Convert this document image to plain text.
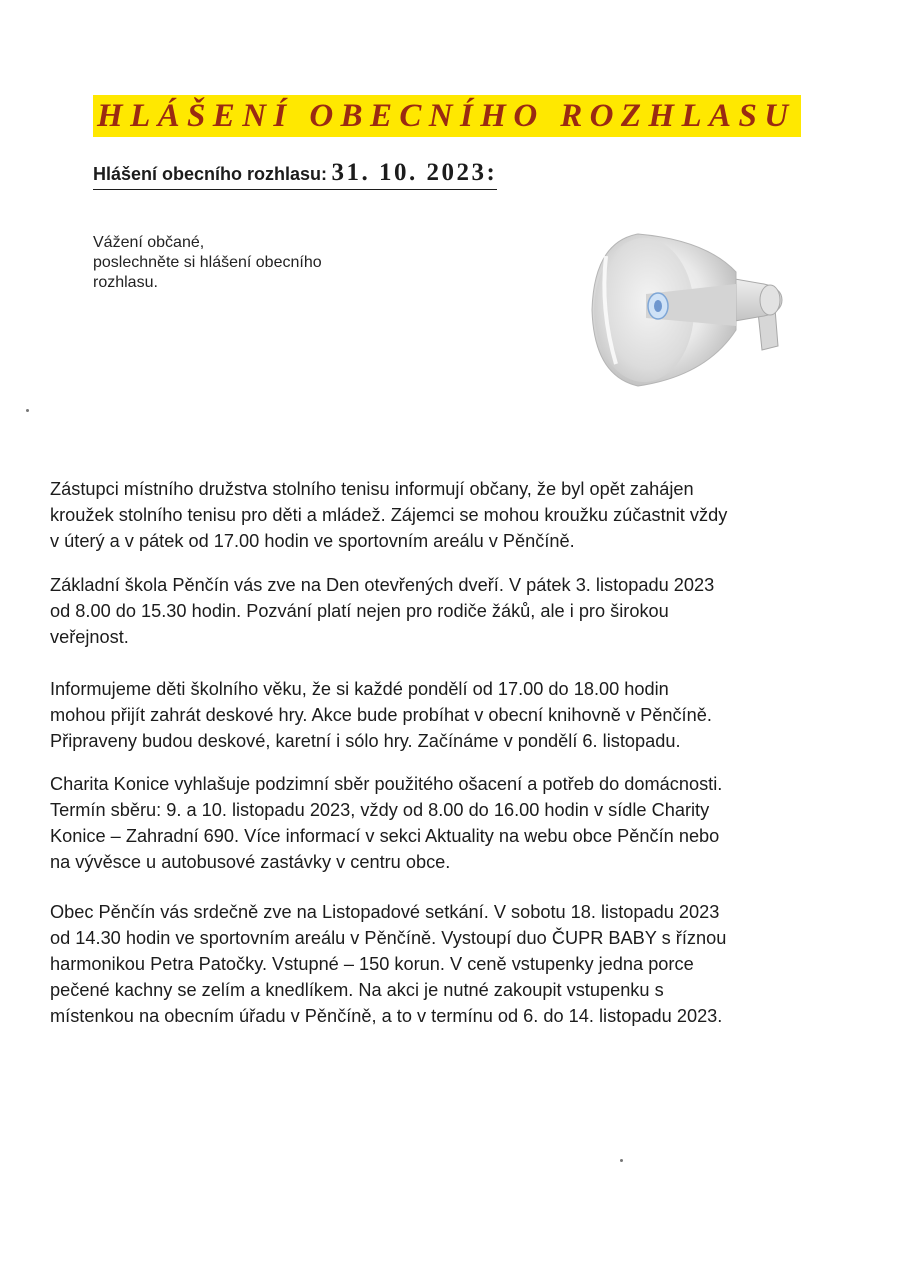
HLÁŠENÍ OBECNÍHO ROZHLASU
Hlášení obecního rozhlasu: 31. 10. 2023:
Vážení občané,
poslechněte si hlášení obecního
rozhlasu.
Zástupci místního družstva stolního tenisu informují občany, že byl opět zahájen
kroužek stolního tenisu pro děti a mládež. Zájemci se mohou kroužku zúčastnit vždy
v úterý a v pátek od 17.00 hodin ve sportovním areálu v Pěnčíně.
Základní škola Pěnčín vás zve na Den otevřených dveří. V pátek 3. listopadu 2023
od 8.00 do 15.30 hodin. Pozvání platí nejen pro rodiče žáků, ale i pro širokou
veřejnost.
Informujeme děti školního věku, že si každé pondělí od 17.00 do 18.00 hodin
mohou přijít zahrát deskové hry. Akce bude probíhat v obecní knihovně v Pěnčíně.
Připraveny budou deskové, karetní i sólo hry. Začínáme v pondělí 6. listopadu.
Charita Konice vyhlašuje podzimní sběr použitého ošacení a potřeb do domácnosti.
Termín sběru: 9. a 10. listopadu 2023, vždy od 8.00 do 16.00 hodin v sídle Charity
Konice – Zahradní 690. Více informací v sekci Aktuality na webu obce Pěnčín nebo
na vývěsce u autobusové zastávky v centru obce.
Obec Pěnčín vás srdečně zve na Listopadové setkání. V sobotu 18. listopadu 2023
od 14.30 hodin ve sportovním areálu v Pěnčíně. Vystoupí duo ČUPR BABY s říznou
harmonikou Petra Patočky. Vstupné – 150 korun. V ceně vstupenky jedna porce
pečené kachny se zelím a knedlíkem. Na akci je nutné zakoupit vstupenku s
místenkou na obecním úřadu v Pěnčíně, a to v termínu od 6. do 14. listopadu 2023.
